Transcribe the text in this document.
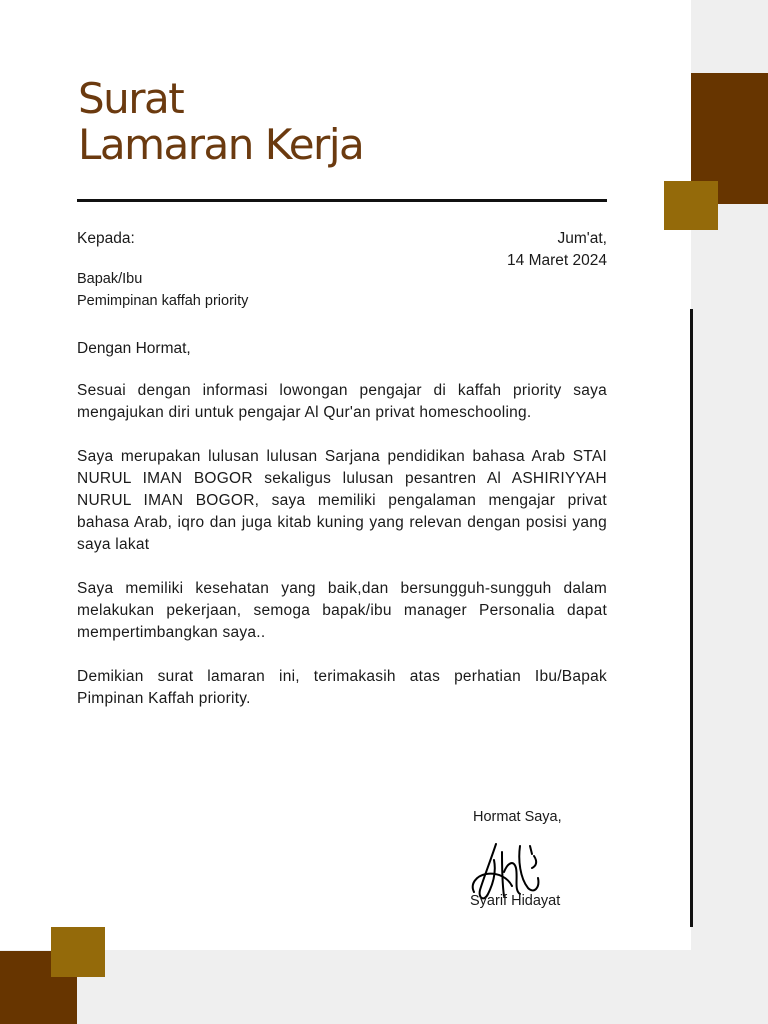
Surat
Lamaran Kerja
Kepada:	Jum'at,
14 Maret 2024
Bapak/Ibu
Pemimpinan kaffah priority
Dengan Hormat,

Sesuai dengan informasi lowongan pengajar di kaffah priority saya mengajukan diri untuk pengajar Al Qur'an privat homeschooling.

Saya merupakan lulusan lulusan Sarjana pendidikan bahasa Arab STAI NURUL IMAN BOGOR sekaligus lulusan pesantren Al ASHIRIYYAH NURUL IMAN BOGOR, saya memiliki pengalaman mengajar privat bahasa Arab, iqro dan juga kitab kuning yang relevan dengan posisi yang saya lakat

Saya memiliki kesehatan yang baik,dan bersungguh-sungguh dalam melakukan pekerjaan, semoga bapak/ibu manager Personalia dapat mempertimbangkan saya..

Demikian surat lamaran ini, terimakasih atas perhatian Ibu/Bapak Pimpinan Kaffah priority.

Hormat Saya,
Syarif Hidayat
